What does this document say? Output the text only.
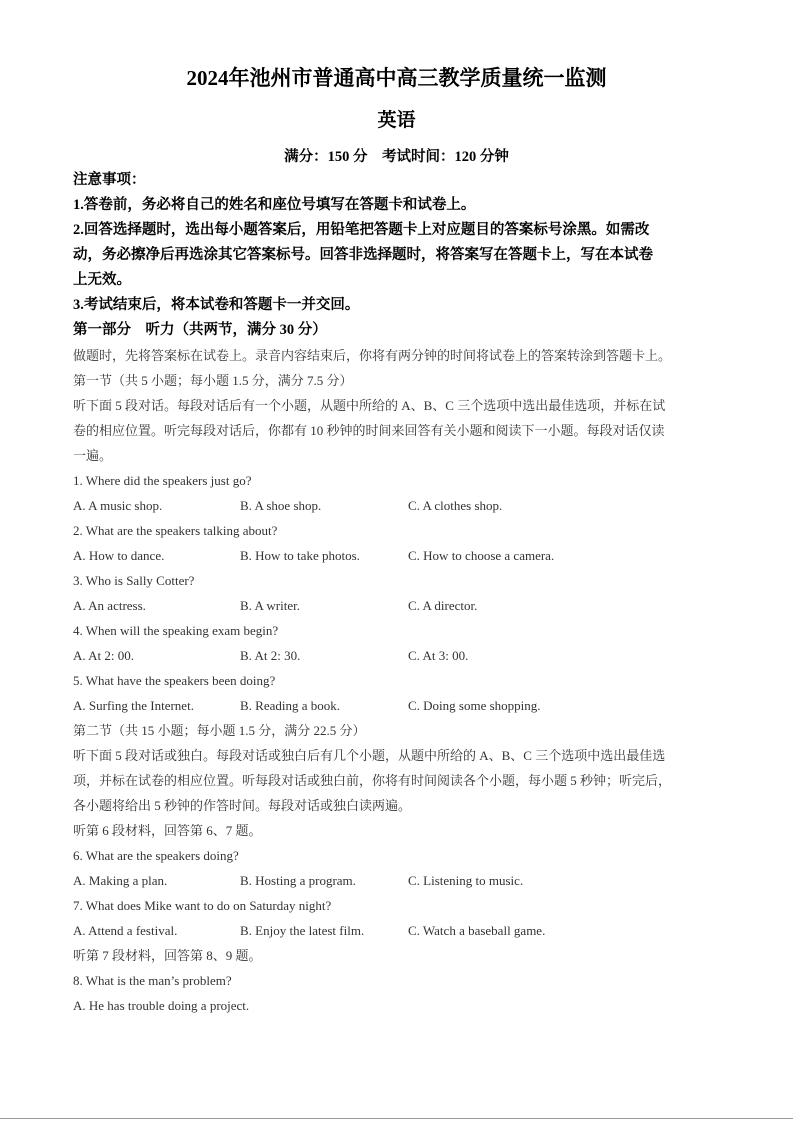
2024年池州市普通高中高三教学质量统一监测
英语
满分：150 分　考试时间：120 分钟
注意事项：
1.答卷前，务必将自己的姓名和座位号填写在答题卡和试卷上。
2.回答选择题时，选出每小题答案后，用铅笔把答题卡上对应题目的答案标号涂黑。如需改
动，务必擦净后再选涂其它答案标号。回答非选择题时，将答案写在答题卡上，写在本试卷
上无效。
3.考试结束后，将本试卷和答题卡一并交回。
第一部分　听力（共两节，满分 30 分）
做题时，先将答案标在试卷上。录音内容结束后，你将有两分钟的时间将试卷上的答案转涂到答题卡上。
第一节（共 5 小题；每小题 1.5 分，满分 7.5 分）
听下面 5 段对话。每段对话后有一个小题，从题中所给的 A、B、C 三个选项中选出最佳选项，并标在试
卷的相应位置。听完每段对话后，你都有 10 秒钟的时间来回答有关小题和阅读下一小题。每段对话仅读
一遍。
1. Where did the speakers just go?
A. A music shop.	B. A shoe shop.	C. A clothes shop.
2. What are the speakers talking about?
A. How to dance.	B. How to take photos.	C. How to choose a camera.
3. Who is Sally Cotter?
A. An actress.	B. A writer.	C. A director.
4. When will the speaking exam begin?
A. At 2: 00.	B. At 2: 30.	C. At 3: 00.
5. What have the speakers been doing?
A. Surfing the Internet.	B. Reading a book.	C. Doing some shopping.
第二节（共 15 小题；每小题 1.5 分，满分 22.5 分）
听下面 5 段对话或独白。每段对话或独白后有几个小题，从题中所给的 A、B、C 三个选项中选出最佳选
项，并标在试卷的相应位置。听每段对话或独白前，你将有时间阅读各个小题，每小题 5 秒钟；听完后，
各小题将给出 5 秒钟的作答时间。每段对话或独白读两遍。
听第 6 段材料，回答第 6、7 题。
6. What are the speakers doing?
A. Making a plan.	B. Hosting a program.	C. Listening to music.
7. What does Mike want to do on Saturday night?
A. Attend a festival.	B. Enjoy the latest film.	C. Watch a baseball game.
听第 7 段材料，回答第 8、9 题。
8. What is the man’s problem?
A. He has trouble doing a project.
